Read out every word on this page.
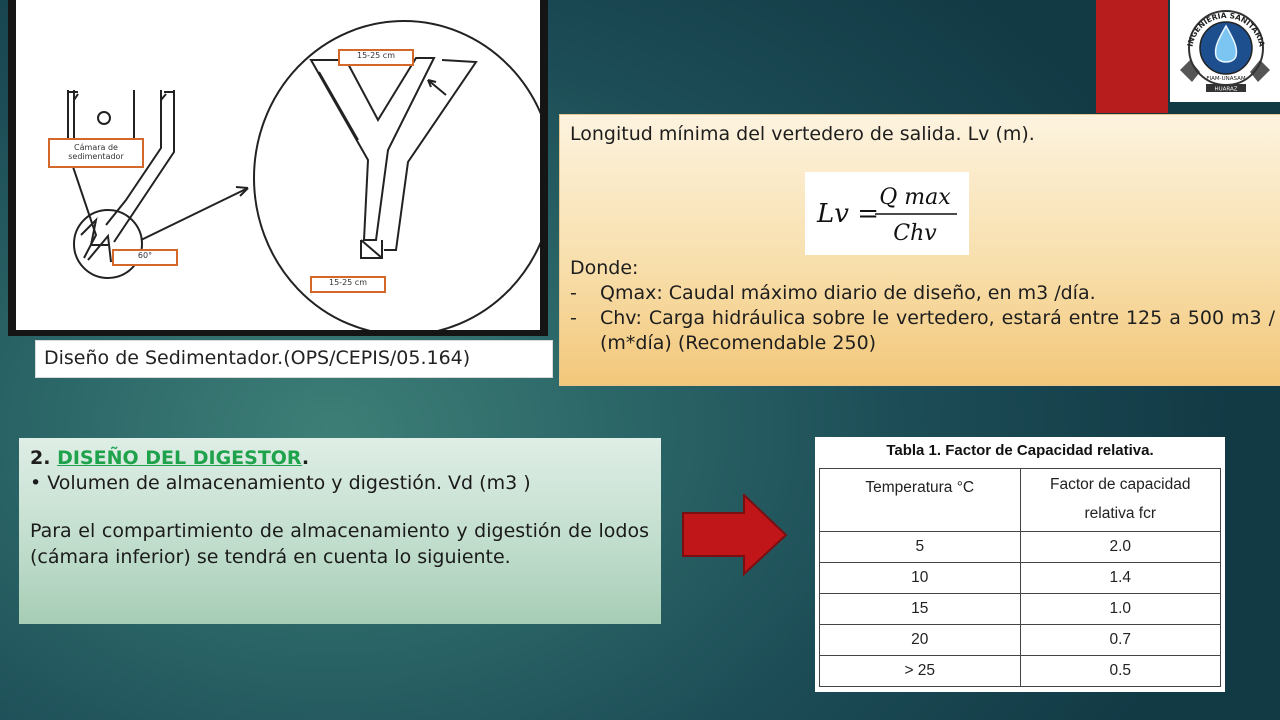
15-25 cm
Cámara de
sedimentador
60°
15-25 cm
Diseño de Sedimentador.(OPS/CEPIS/05.164)
INGENIERIA SANITARIA
FIAM-UNASAM
HUARAZ

Longitud mínima del vertedero de salida. Lv (m).

Lv =
Q max
Chv

Donde:

-	Qmax: Caudal máximo diario de diseño, en m3 /día.
-	Chv: Carga hidráulica sobre le vertedero, estará entre 125 a 500 m3 / (m*día) (Recomendable 250)
2. DISEÑO DEL DIGESTOR.
• Volumen de almacenamiento y digestión. Vd (m3 )
Para el compartimiento de almacenamiento y digestión de lodos (cámara inferior) se tendrá en cuenta lo siguiente.
Tabla 1. Factor de Capacidad relativa.
Temperatura °C	Factor de capacidad
relativa fcr

5	2.0
10	1.4
15	1.0
20	0.7
> 25	0.5
